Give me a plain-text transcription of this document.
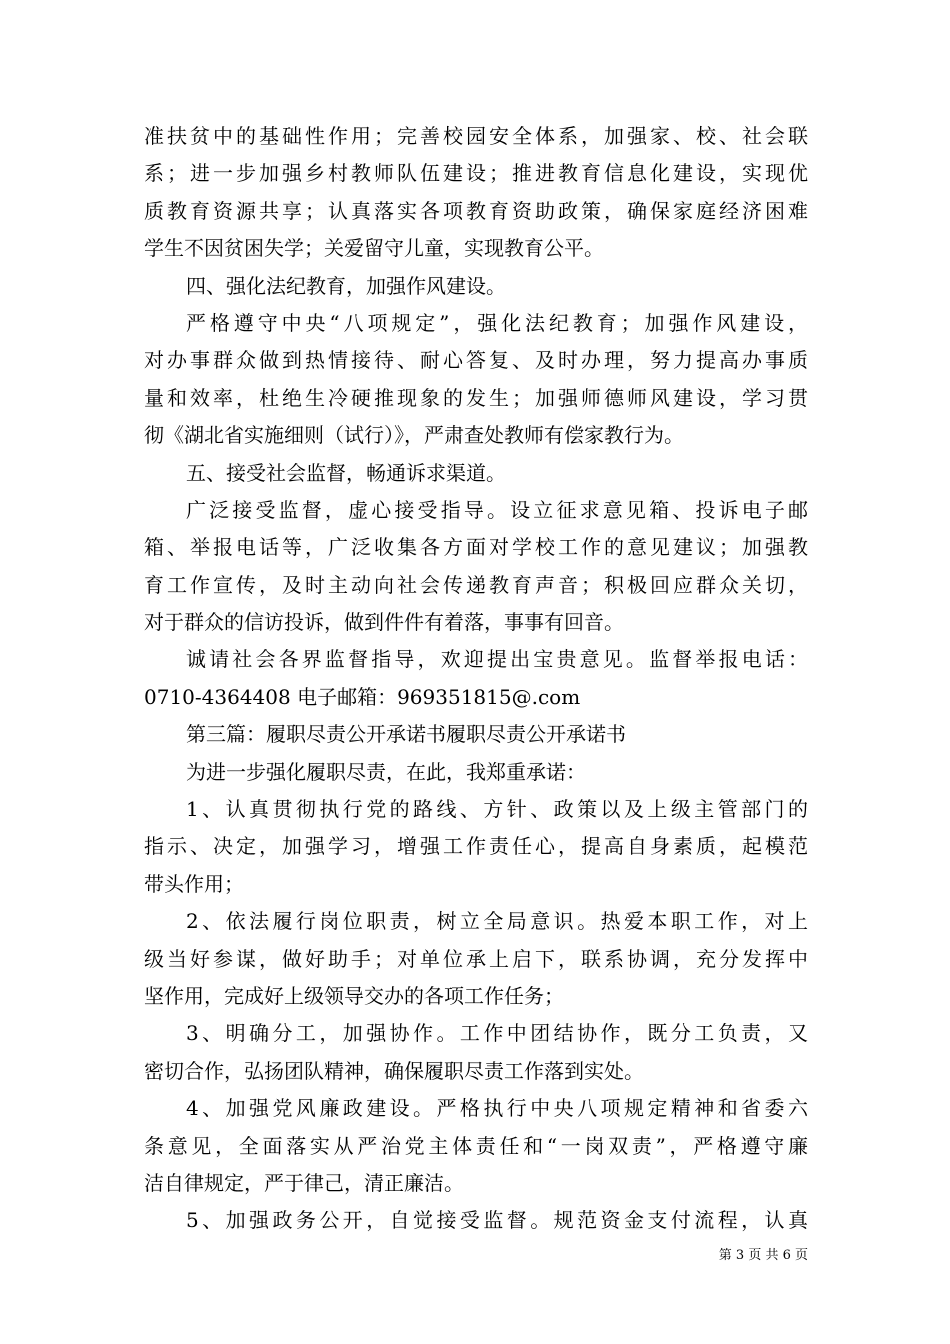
准扶贫中的基础性作用；完善校园安全体系，加强家、校、社会联
系；进一步加强乡村教师队伍建设；推进教育信息化建设，实现优
质教育资源共享；认真落实各项教育资助政策，确保家庭经济困难
学生不因贫困失学；关爱留守儿童，实现教育公平。
四、强化法纪教育，加强作风建设。
严格遵守中央“八项规定”，强化法纪教育；加强作风建设，
对办事群众做到热情接待、耐心答复、及时办理，努力提高办事质
量和效率，杜绝生冷硬推现象的发生；加强师德师风建设，学习贯
彻《湖北省实施细则（试行）》，严肃查处教师有偿家教行为。
五、接受社会监督，畅通诉求渠道。
广泛接受监督，虚心接受指导。设立征求意见箱、投诉电子邮
箱、举报电话等，广泛收集各方面对学校工作的意见建议；加强教
育工作宣传，及时主动向社会传递教育声音；积极回应群众关切，
对于群众的信访投诉，做到件件有着落，事事有回音。
诚请社会各界监督指导，欢迎提出宝贵意见。监督举报电话：
0710-4364408 电子邮箱：969351815@.com
第三篇：履职尽责公开承诺书履职尽责公开承诺书
为进一步强化履职尽责，在此，我郑重承诺：
1、认真贯彻执行党的路线、方针、政策以及上级主管部门的
指示、决定，加强学习，增强工作责任心，提高自身素质，起模范
带头作用；
2、依法履行岗位职责，树立全局意识。热爱本职工作，对上
级当好参谋，做好助手；对单位承上启下，联系协调，充分发挥中
坚作用，完成好上级领导交办的各项工作任务；
3、明确分工，加强协作。工作中团结协作，既分工负责，又
密切合作，弘扬团队精神，确保履职尽责工作落到实处。
4、加强党风廉政建设。严格执行中央八项规定精神和省委六
条意见，全面落实从严治党主体责任和“一岗双责”，严格遵守廉
洁自律规定，严于律己，清正廉洁。
5、加强政务公开，自觉接受监督。规范资金支付流程，认真
第 3 页 共 6 页
